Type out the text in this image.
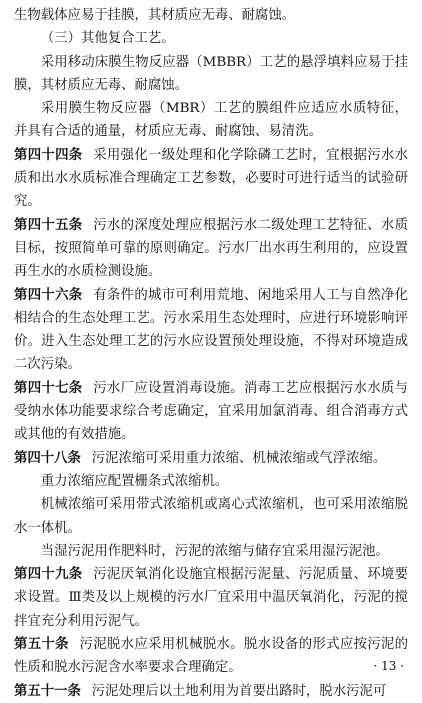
生物载体应易于挂膜，其材质应无毒、耐腐蚀。

（三）其他复合工艺。

采用移动床膜生物反应器（MBBR）工艺的悬浮填料应易于挂膜，其材质应无毒、耐腐蚀。

采用膜生物反应器（MBR）工艺的膜组件应适应水质特征，并具有合适的通量，材质应无毒、耐腐蚀、易清洗。

第四十四条 采用强化一级处理和化学除磷工艺时，宜根据污水水质和出水水质标准合理确定工艺参数，必要时可进行适当的试验研究。

第四十五条 污水的深度处理应根据污水二级处理工艺特征、水质目标，按照简单可靠的原则确定。污水厂出水再生利用的，应设置再生水的水质检测设施。

第四十六条 有条件的城市可利用荒地、闲地采用人工与自然净化相结合的生态处理工艺。污水采用生态处理时，应进行环境影响评价。进入生态处理工艺的污水应设置预处理设施，不得对环境造成二次污染。

第四十七条 污水厂应设置消毒设施。消毒工艺应根据污水水质与受纳水体功能要求综合考虑确定，宜采用加氯消毒、组合消毒方式或其他的有效措施。

第四十八条 污泥浓缩可采用重力浓缩、机械浓缩或气浮浓缩。

重力浓缩应配置栅条式浓缩机。

机械浓缩可采用带式浓缩机或离心式浓缩机，也可采用浓缩脱水一体机。

当湿污泥用作肥料时，污泥的浓缩与储存宜采用湿污泥池。

第四十九条 污泥厌氧消化设施宜根据污泥量、污泥质量、环境要求设置。Ⅲ类及以上规模的污水厂宜采用中温厌氧消化，污泥的搅拌宜充分利用污泥气。

第五十条 污泥脱水应采用机械脱水。脱水设备的形式应按污泥的性质和脱水污泥含水率要求合理确定。

第五十一条 污泥处理后以土地利用为首要出路时，脱水污泥可

· 13 ·
